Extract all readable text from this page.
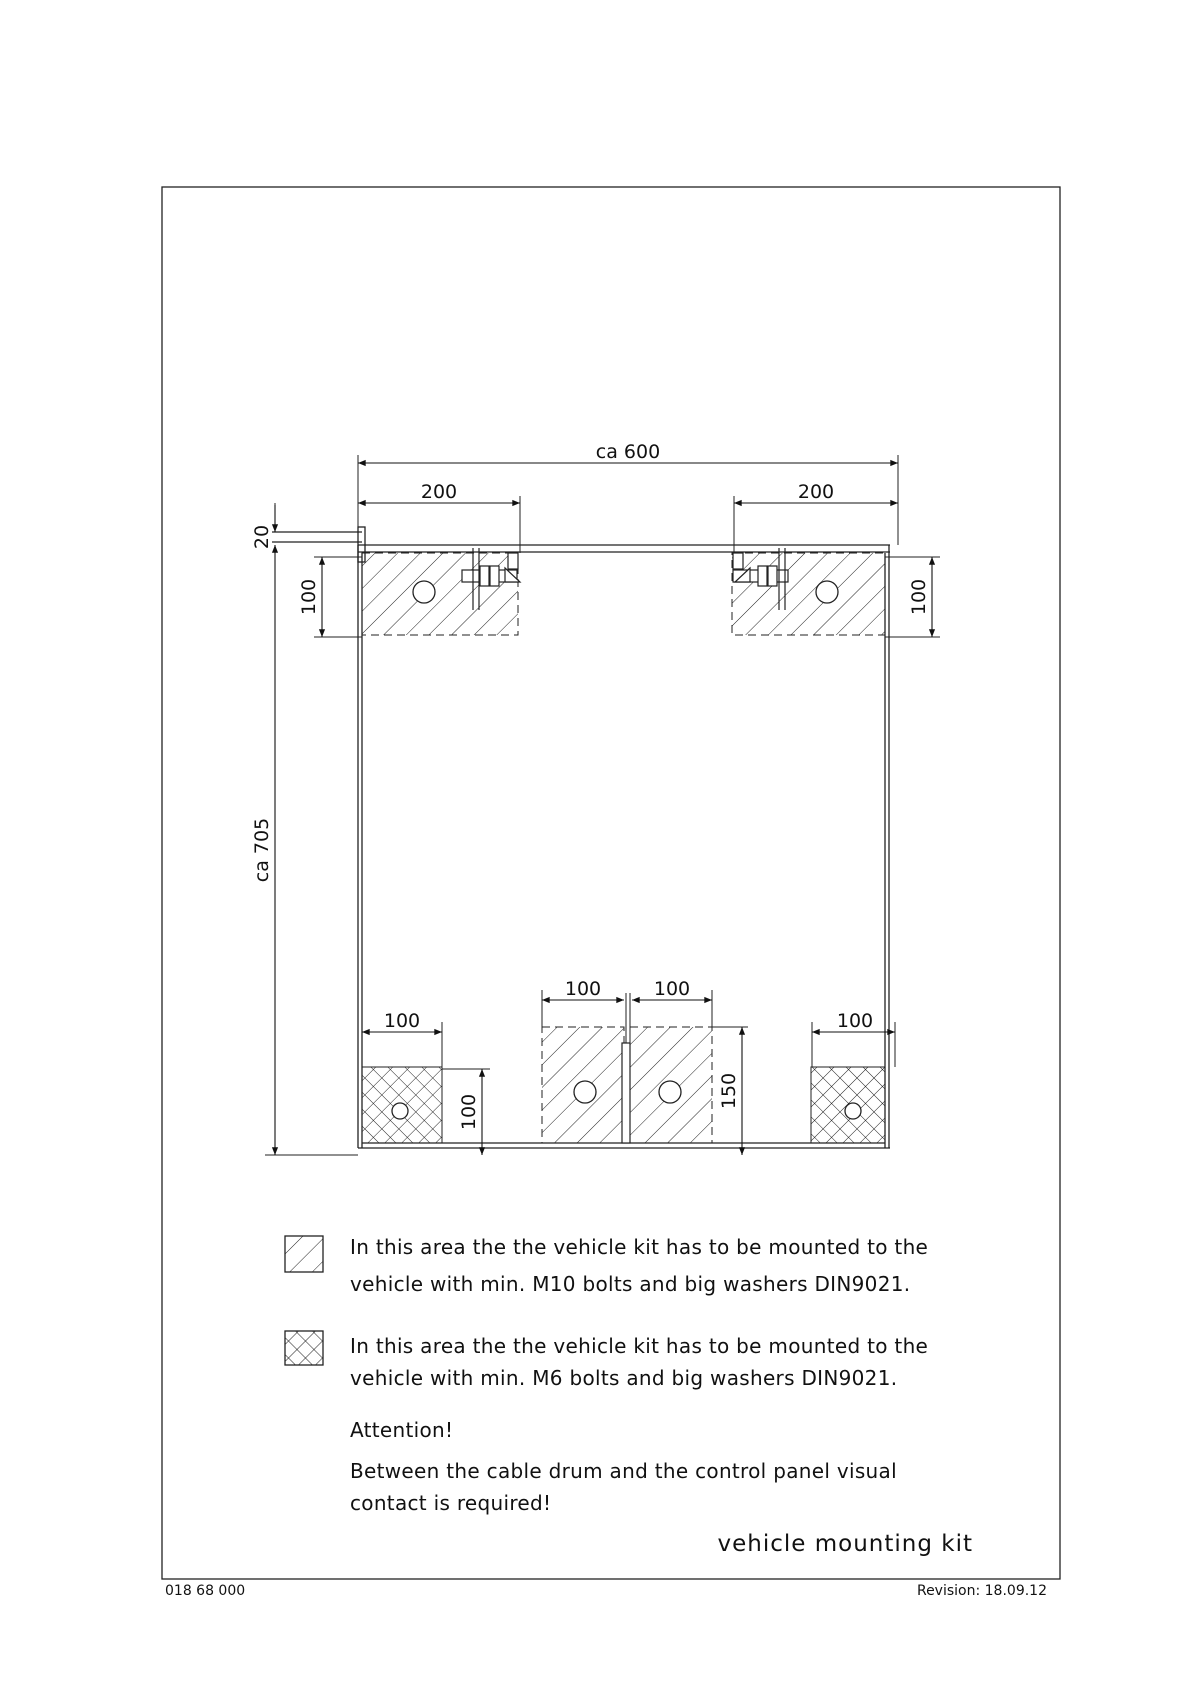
ca 600
200	200
100
100	100
100
ca 705
20
100	100
100
150
In this area the the vehicle kit has to be mounted to the vehicle with min. M10 bolts and big washers DIN9021.
In this area the the vehicle kit has to be mounted to the vehicle with min. M6 bolts and big washers DIN9021.
Attention!
Between the cable drum and the control panel visual contact is required!
vehicle mounting kit
018 68 000	Revision: 18.09.12
